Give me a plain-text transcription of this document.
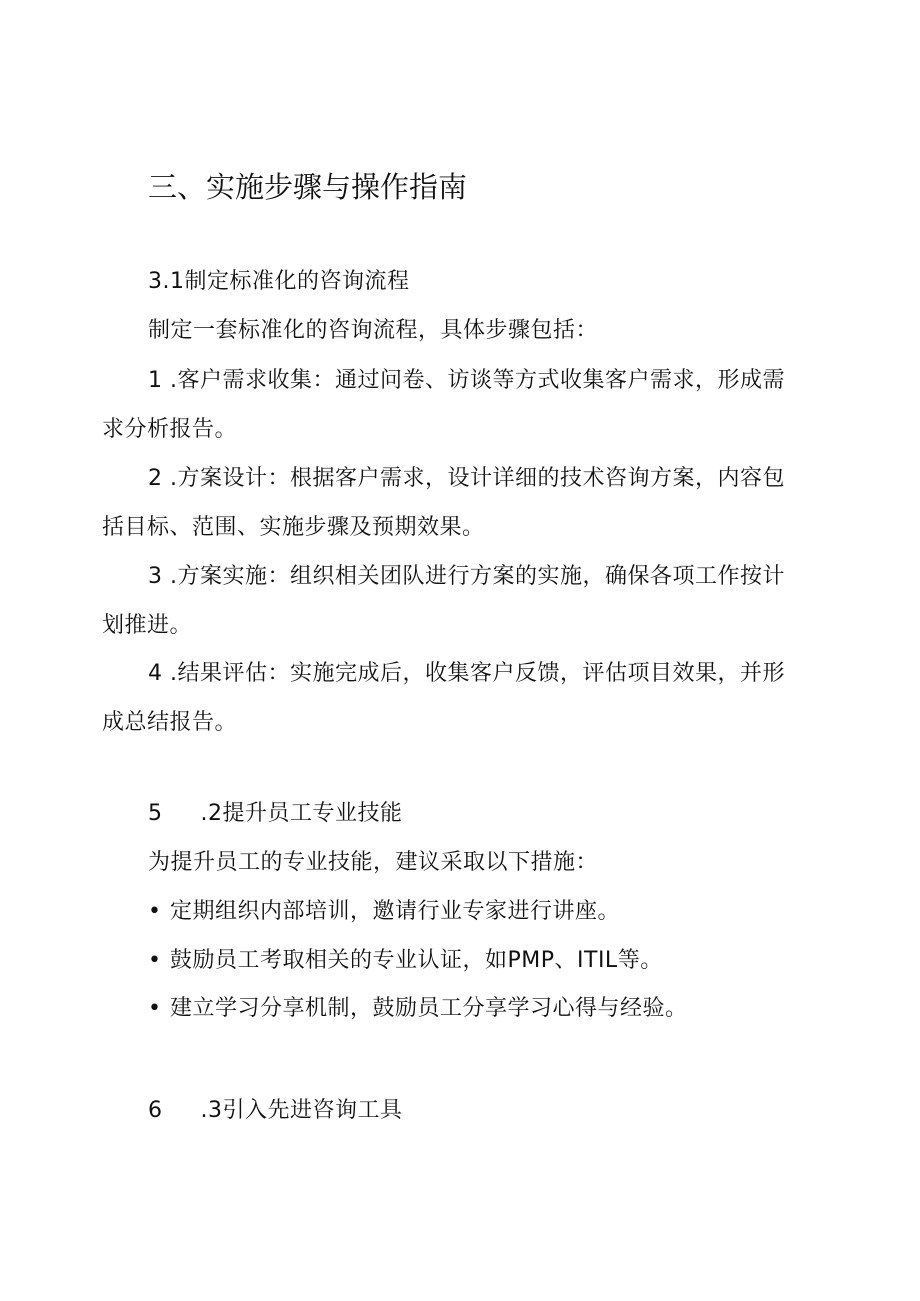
三、实施步骤与操作指南
3.1制定标准化的咨询流程
制定一套标准化的咨询流程，具体步骤包括：
1 .客户需求收集：通过问卷、访谈等方式收集客户需求，形成需
求分析报告。
2 .方案设计：根据客户需求，设计详细的技术咨询方案，内容包
括目标、范围、实施步骤及预期效果。
3 .方案实施：组织相关团队进行方案的实施，确保各项工作按计
划推进。
4 .结果评估：实施完成后，收集客户反馈，评估项目效果，并形
成总结报告。
5 .2提升员工专业技能
为提升员工的专业技能，建议采取以下措施：
• 定期组织内部培训，邀请行业专家进行讲座。
• 鼓励员工考取相关的专业认证，如PMP、ITIL等。
• 建立学习分享机制，鼓励员工分享学习心得与经验。
6 .3引入先进咨询工具
